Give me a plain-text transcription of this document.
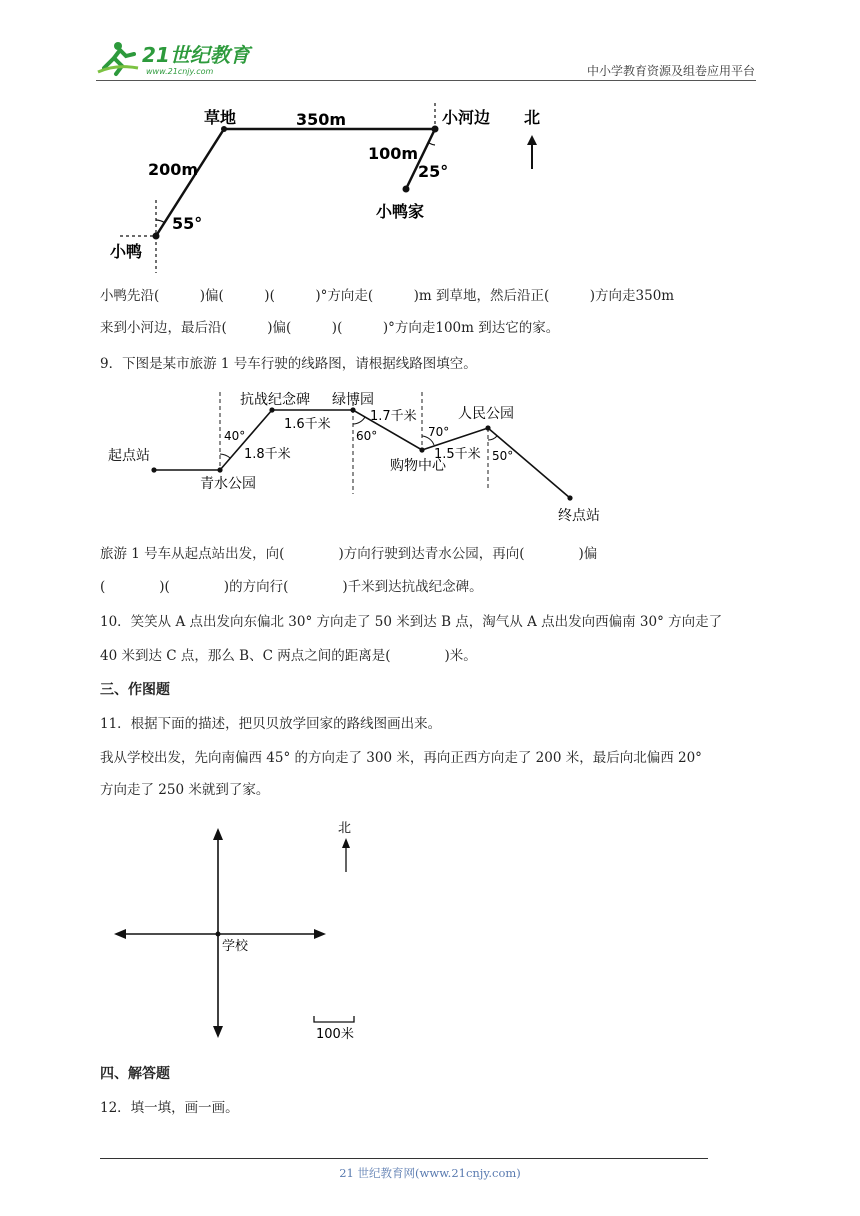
21世纪教育
www.21cnjy.com	中小学教育资源及组卷应用平台
草地	350m	小河边 北
200m
100m
25°
55°
小鸭家
小鸭
小鸭先沿(　　　)偏(　　　)(　　　)°方向走(　　　)m 到草地，然后沿正(　　　)方向走350m
来到小河边，最后沿(　　　)偏(　　　)(　　　)°方向走100m 到达它的家。
9．下图是某市旅游 1 号车行驶的线路图，请根据线路图填空。
起点站
青水公园
抗战纪念碑 绿博园
人民公园
购物中心
终点站
40°
1.8千米
1.6千米
60°
1.7千米
70°
1.5千米 50°
旅游 1 号车从起点站出发，向(　　　　)方向行驶到达青水公园，再向(　　　　)偏
(　　　　)(　　　　)的方向行(　　　　)千米到达抗战纪念碑。
10．笑笑从 A 点出发向东偏北 30° 方向走了 50 米到达 B 点，淘气从 A 点出发向西偏南 30° 方向走了
40 米到达 C 点，那么 B、C 两点之间的距离是(　　　　)米。
三、作图题
11．根据下面的描述，把贝贝放学回家的路线图画出来。
我从学校出发，先向南偏西 45° 的方向走了 300 米，再向正西方向走了 200 米，最后向北偏西 20°
方向走了 250 米就到了家。
北
学校
100米
四、解答题
12．填一填，画一画。
21 世纪教育网(www.21cnjy.com)
